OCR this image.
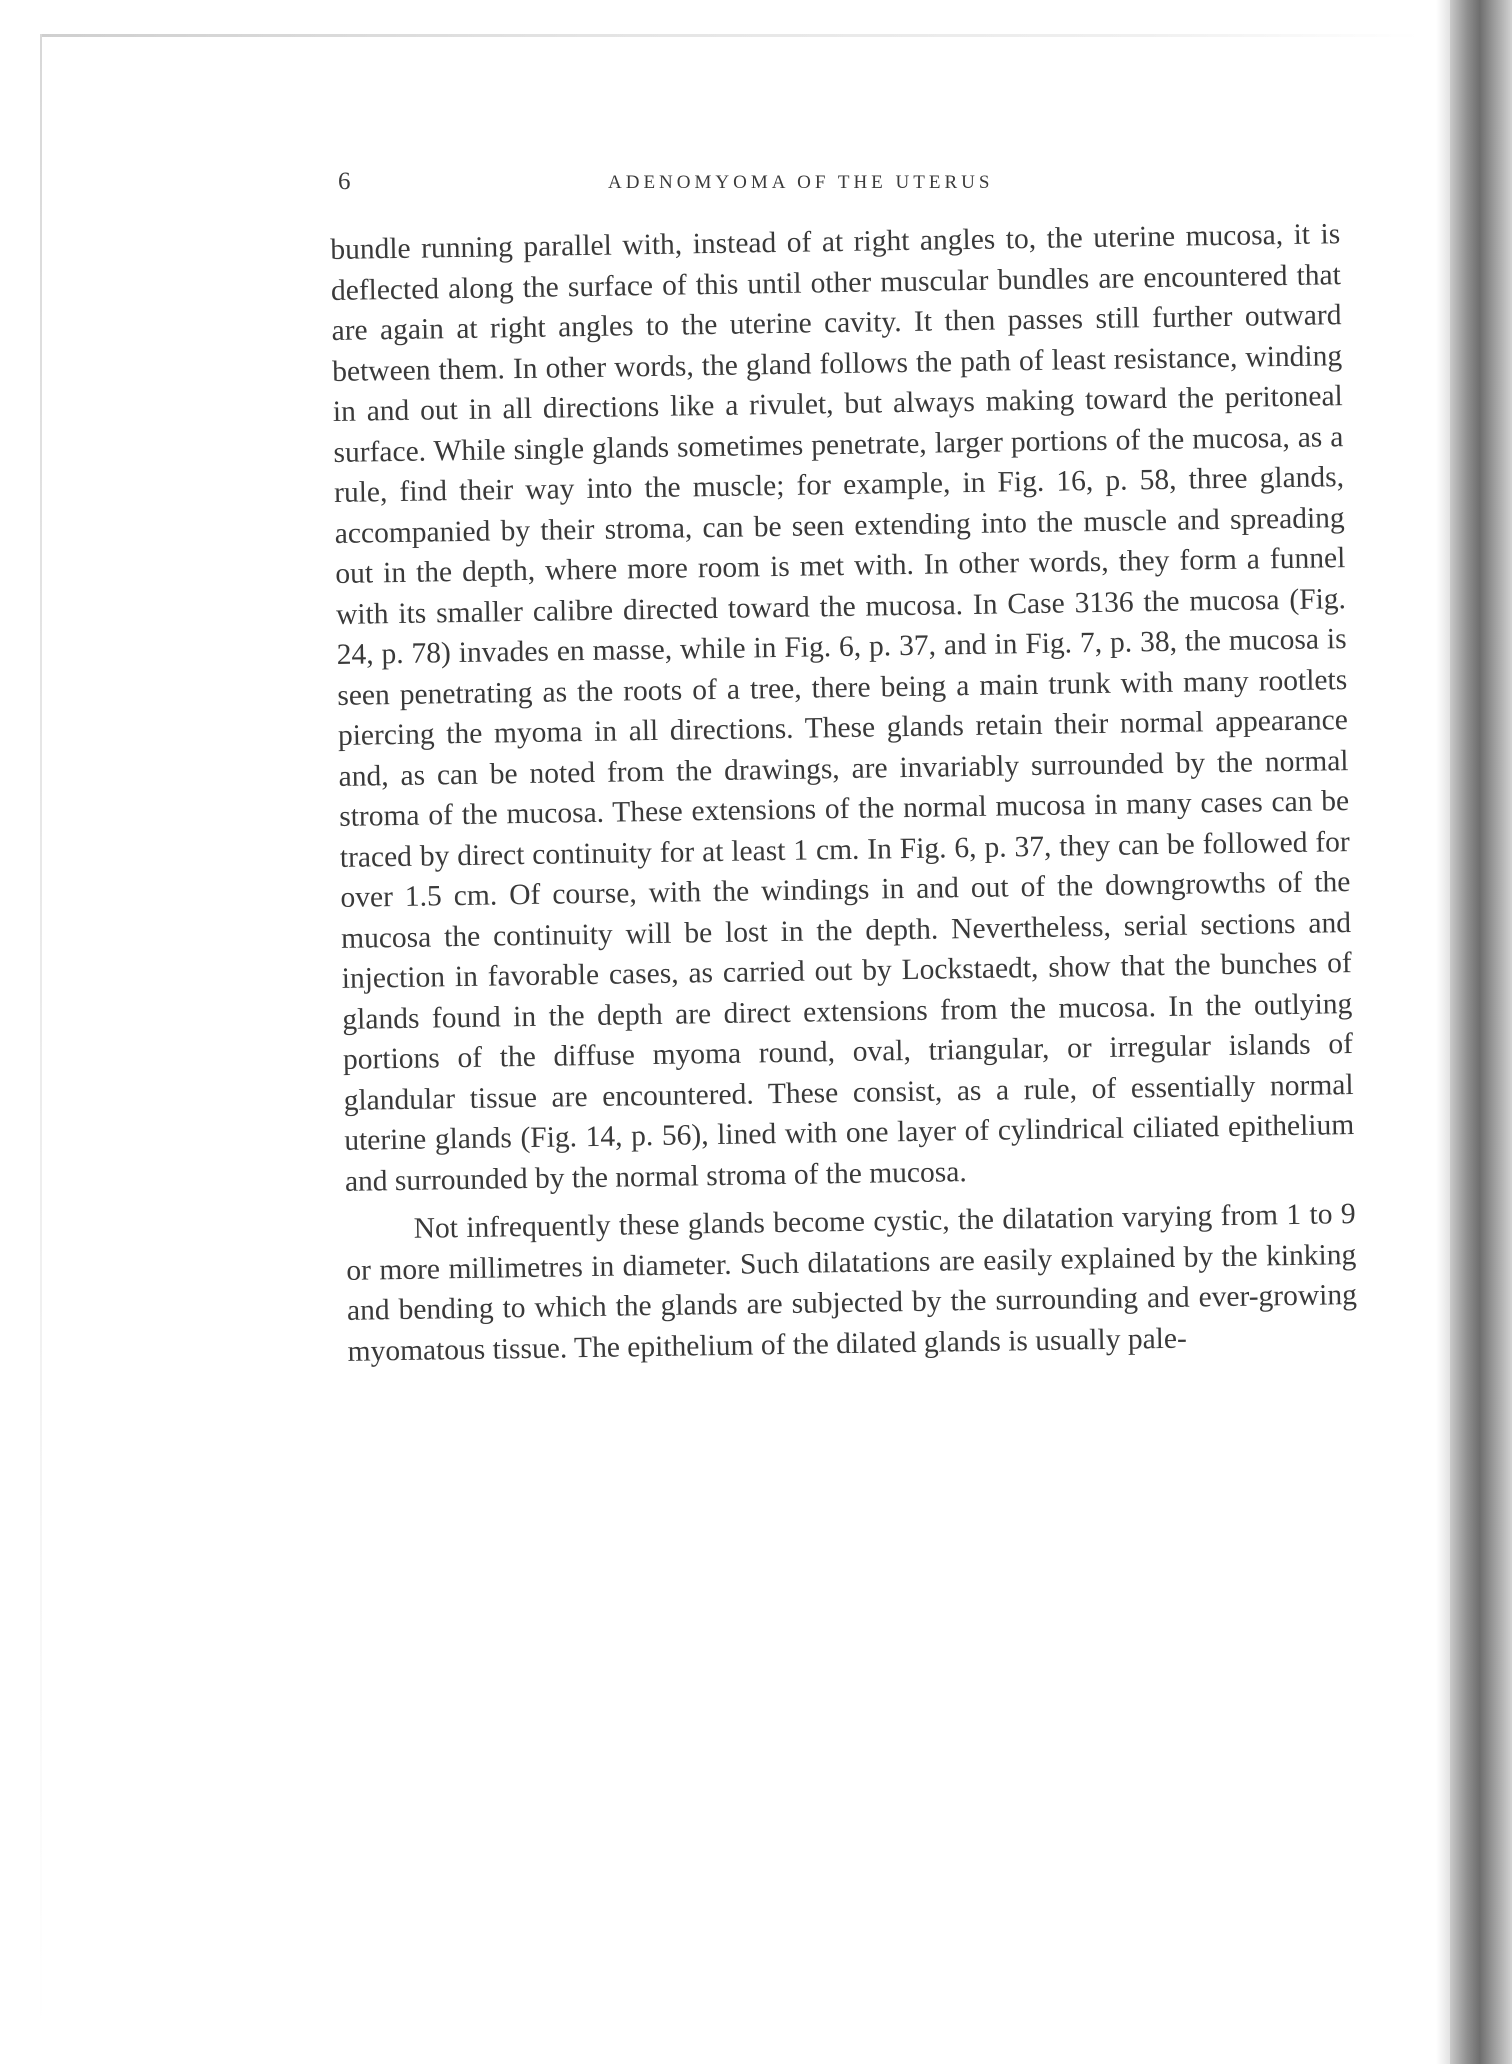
6	ADENOMYOMA OF THE UTERUS

bundle running parallel with, instead of at right angles to, the uterine mucosa, it is deflected along the surface of this until other muscular bundles are encountered that are again at right angles to the uterine cavity. It then passes still further outward between them. In other words, the gland follows the path of least resistance, winding in and out in all directions like a rivulet, but always making toward the peritoneal surface. While single glands sometimes penetrate, larger portions of the mucosa, as a rule, find their way into the muscle; for example, in Fig. 16, p. 58, three glands, accompanied by their stroma, can be seen extending into the muscle and spreading out in the depth, where more room is met with. In other words, they form a funnel with its smaller calibre directed toward the mucosa. In Case 3136 the mucosa (Fig. 24, p. 78) invades en masse, while in Fig. 6, p. 37, and in Fig. 7, p. 38, the mucosa is seen penetrating as the roots of a tree, there being a main trunk with many rootlets piercing the myoma in all directions. These glands retain their normal appearance and, as can be noted from the drawings, are invariably surrounded by the normal stroma of the mucosa. These extensions of the normal mucosa in many cases can be traced by direct continuity for at least 1 cm. In Fig. 6, p. 37, they can be followed for over 1.5 cm. Of course, with the windings in and out of the downgrowths of the mucosa the continuity will be lost in the depth. Nevertheless, serial sections and injection in favorable cases, as carried out by Lockstaedt, show that the bunches of glands found in the depth are direct extensions from the mucosa. In the outlying portions of the diffuse myoma round, oval, triangular, or irregular islands of glandular tissue are encountered. These consist, as a rule, of essentially normal uterine glands (Fig. 14, p. 56), lined with one layer of cylindrical ciliated epithelium and surrounded by the normal stroma of the mucosa.

Not infrequently these glands become cystic, the dilatation varying from 1 to 9 or more millimetres in diameter. Such dilatations are easily explained by the kinking and bending to which the glands are subjected by the surrounding and ever-growing myomatous tissue. The epithelium of the dilated glands is usually pale-
